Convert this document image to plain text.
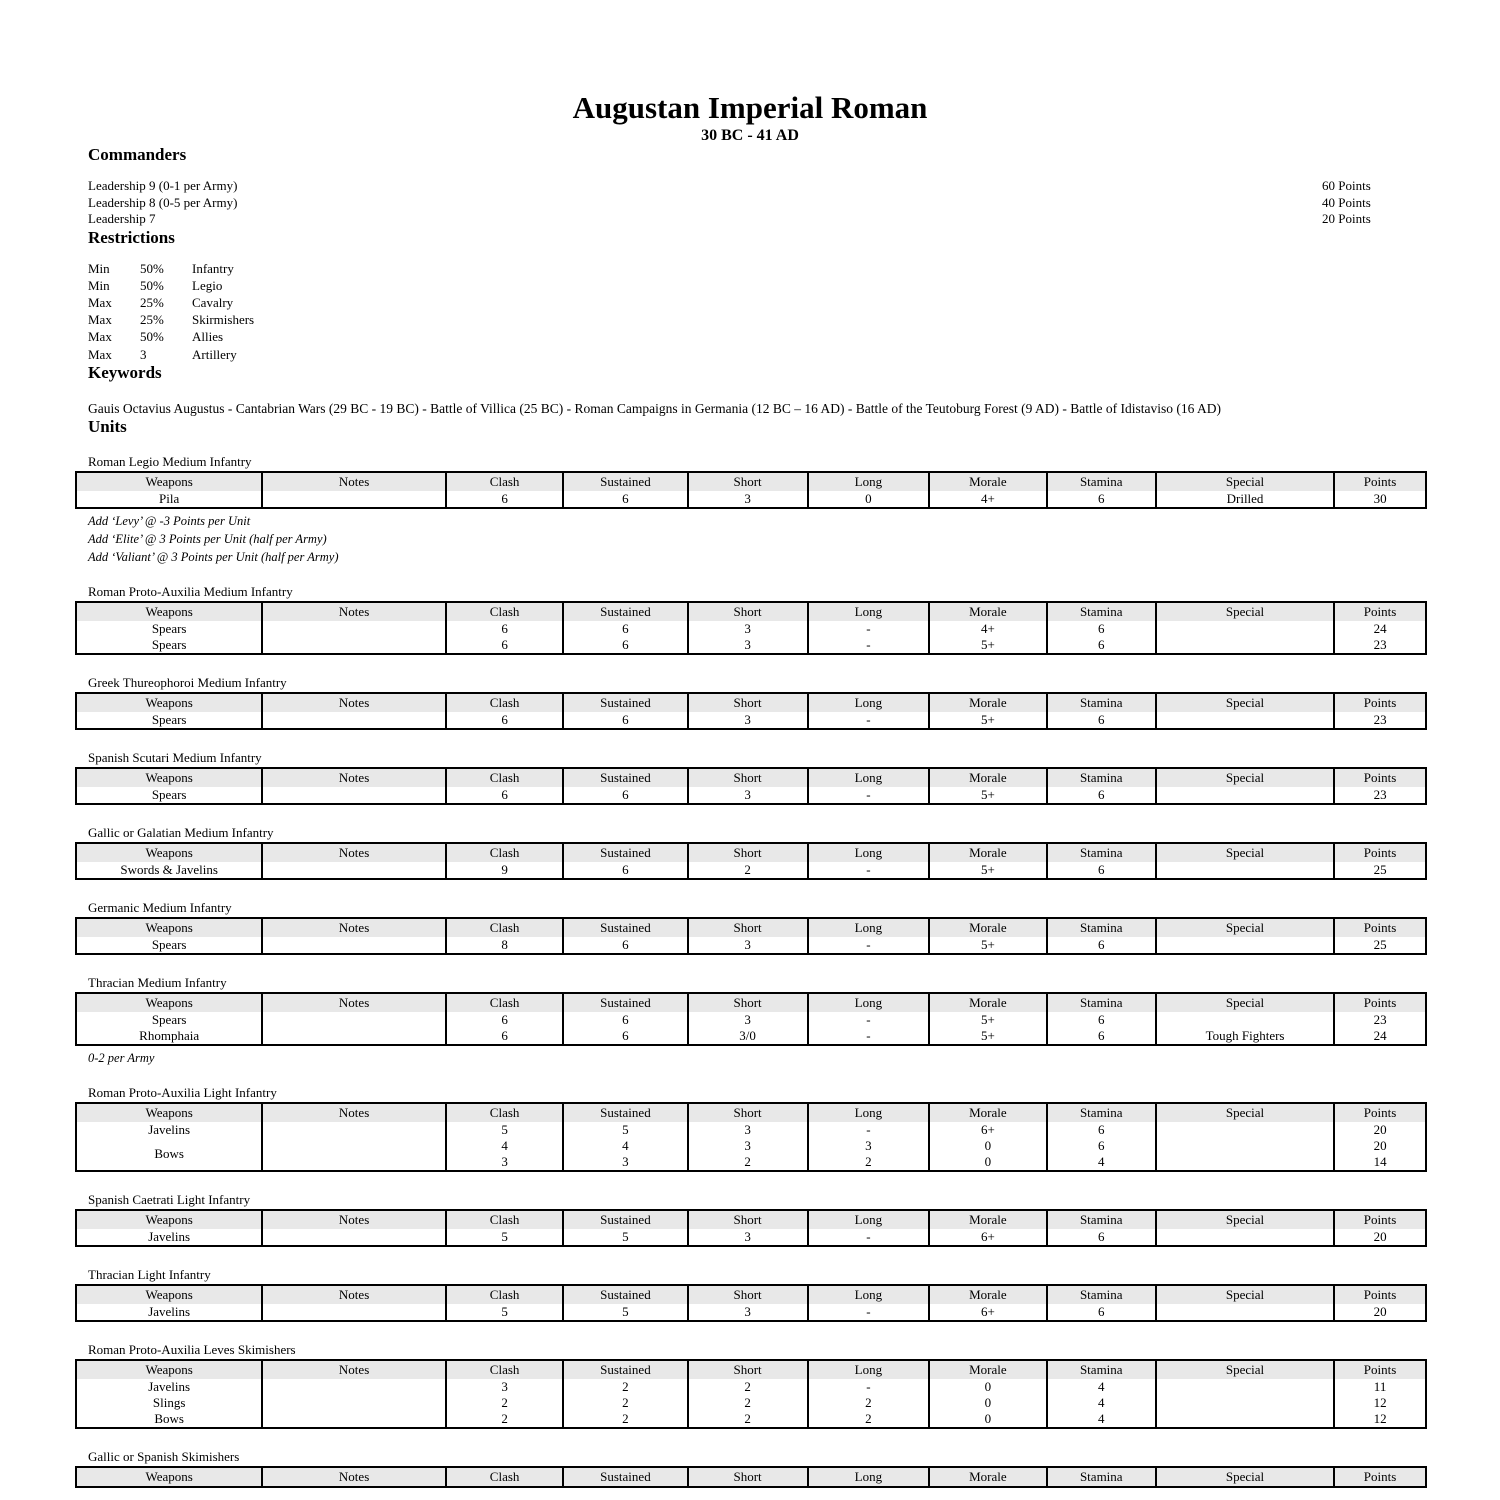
Augustan Imperial Roman
30 BC - 41 AD
Commanders
Leadership 9 (0-1 per Army)	60 Points
Leadership 8 (0-5 per Army)	40 Points
Leadership 7	20 Points
Restrictions
Min 50% Infantry
Min 50% Legio
Max 25% Cavalry
Max 25% Skirmishers
Max 50% Allies
Max 3	Artillery
Keywords

Gauis Octavius Augustus - Cantabrian Wars (29 BC - 19 BC) - Battle of Villica (25 BC) - Roman Campaigns in Germania (12 BC – 16 AD) - Battle of the Teutoburg Forest (9 AD) - Battle of Idistaviso (16 AD)

Units
Roman Legio Medium Infantry
Weapons	Notes	Clash	Sustained	Short	Long	Morale	Stamina	Special	Points
Pila		6	6	3	0	4+	6	Drilled	30

Add ‘Levy’ @ -3 Points per Unit

Add ‘Elite’ @ 3 Points per Unit (half per Army)

Add ‘Valiant’ @ 3 Points per Unit (half per Army)

Roman Proto-Auxilia Medium Infantry
Weapons	Notes	Clash	Sustained	Short	Long	Morale	Stamina	Special	Points
Spears		6	6	3	-	4+	6		24
Spears		6	6	3	-	5+	6		23
Greek Thureophoroi Medium Infantry
Weapons	Notes	Clash	Sustained	Short	Long	Morale	Stamina	Special	Points
Spears		6	6	3	-	5+	6		23
Spanish Scutari Medium Infantry
Weapons	Notes	Clash	Sustained	Short	Long	Morale	Stamina	Special	Points
Spears		6	6	3	-	5+	6		23
Gallic or Galatian Medium Infantry
Weapons	Notes	Clash	Sustained	Short	Long	Morale	Stamina	Special	Points
Swords & Javelins		9	6	2	-	5+	6		25
Germanic Medium Infantry
Weapons	Notes	Clash	Sustained	Short	Long	Morale	Stamina	Special	Points
Spears		8	6	3	-	5+	6		25
Thracian Medium Infantry
Weapons	Notes	Clash	Sustained	Short	Long	Morale	Stamina	Special	Points
Spears		6	6	3	-	5+	6		23
Rhomphaia		6	6	3/0	-	5+	6	Tough Fighters	24

0-2 per Army

Roman Proto-Auxilia Light Infantry
Weapons	Notes	Clash	Sustained	Short	Long	Morale	Stamina	Special	Points
Javelins		5	5	3	-	6+	6		20
Bows		4	4	3	3	0	6		20
		3	3	2	2	0	4		14
Spanish Caetrati Light Infantry
Weapons	Notes	Clash	Sustained	Short	Long	Morale	Stamina	Special	Points
Javelins		5	5	3	-	6+	6		20
Thracian Light Infantry
Weapons	Notes	Clash	Sustained	Short	Long	Morale	Stamina	Special	Points
Javelins		5	5	3	-	6+	6		20
Roman Proto-Auxilia Leves Skimishers
Weapons	Notes	Clash	Sustained	Short	Long	Morale	Stamina	Special	Points
Javelins		3	2	2	-	0	4		11
Slings		2	2	2	2	0	4		12
Bows		2	2	2	2	0	4		12
Gallic or Spanish Skimishers
Weapons	Notes	Clash	Sustained	Short	Long	Morale	Stamina	Special	Points
